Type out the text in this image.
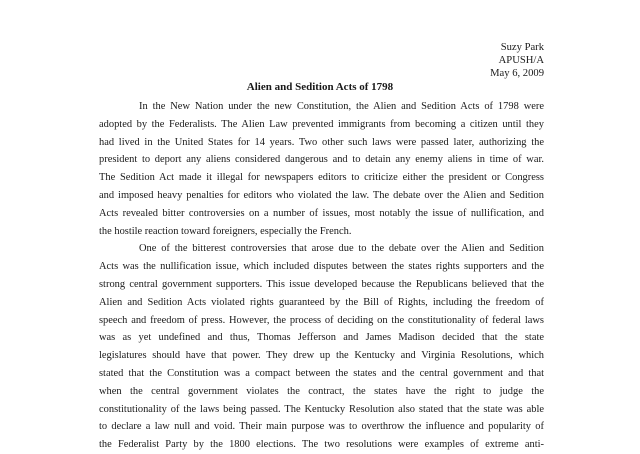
Suzy Park
APUSH/A
May 6, 2009
Alien and Sedition Acts of 1798
In the New Nation under the new Constitution, the Alien and Sedition Acts of 1798 were
adopted by the Federalists. The Alien Law prevented immigrants from becoming a citizen until they
had lived in the United States for 14 years. Two other such laws were passed later, authorizing the
president to deport any aliens considered dangerous and to detain any enemy aliens in time of war.
The Sedition Act made it illegal for newspapers editors to criticize either the president or Congress
and imposed heavy penalties for editors who violated the law. The debate over the Alien and Sedition
Acts revealed bitter controversies on a number of issues, most notably the issue of nullification, and
the hostile reaction toward foreigners, especially the French.
One of the bitterest controversies that arose due to the debate over the Alien and Sedition
Acts was the nullification issue, which included disputes between the states rights supporters and the
strong central government supporters. This issue developed because the Republicans believed that the
Alien and Sedition Acts violated rights guaranteed by the Bill of Rights, including the freedom of
speech and freedom of press. However, the process of deciding on the constitutionality of federal laws
was as yet undefined and thus, Thomas Jefferson and James Madison decided that the state
legislatures should have that power. They drew up the Kentucky and Virginia Resolutions, which
stated that the Constitution was a compact between the states and the central government and that
when the central government violates the contract, the states have the right to judge the
constitutionality of the laws being passed. The Kentucky Resolution also stated that the state was able
to declare a law null and void. Their main purpose was to overthrow the influence and popularity of
the Federalist Party by the 1800 elections. The two resolutions were examples of extreme anti-
